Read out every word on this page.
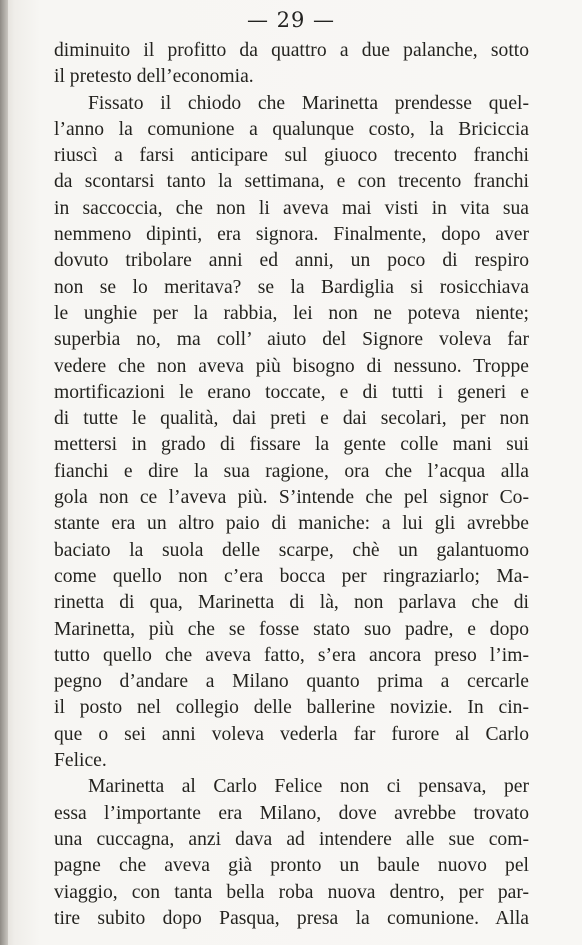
— 29 —
diminuito il profitto da quattro a due palanche, sotto
il pretesto dell’economia.
Fissato il chiodo che Marinetta prendesse quel-
l’anno la comunione a qualunque costo, la Briciccia
riuscì a farsi anticipare sul giuoco trecento franchi
da scontarsi tanto la settimana, e con trecento franchi
in saccoccia, che non li aveva mai visti in vita sua
nemmeno dipinti, era signora. Finalmente, dopo aver
dovuto tribolare anni ed anni, un poco di respiro
non se lo meritava? se la Bardiglia si rosicchiava
le unghie per la rabbia, lei non ne poteva niente;
superbia no, ma coll’ aiuto del Signore voleva far
vedere che non aveva più bisogno di nessuno. Troppe
mortificazioni le erano toccate, e di tutti i generi e
di tutte le qualità, dai preti e dai secolari, per non
mettersi in grado di fissare la gente colle mani sui
fianchi e dire la sua ragione, ora che l’acqua alla
gola non ce l’aveva più. S’intende che pel signor Co-
stante era un altro paio di maniche: a lui gli avrebbe
baciato la suola delle scarpe, chè un galantuomo
come quello non c’era bocca per ringraziarlo; Ma-
rinetta di qua, Marinetta di là, non parlava che di
Marinetta, più che se fosse stato suo padre, e dopo
tutto quello che aveva fatto, s’era ancora preso l’im-
pegno d’andare a Milano quanto prima a cercarle
il posto nel collegio delle ballerine novizie. In cin-
que o sei anni voleva vederla far furore al Carlo
Felice.
Marinetta al Carlo Felice non ci pensava, per
essa l’importante era Milano, dove avrebbe trovato
una cuccagna, anzi dava ad intendere alle sue com-
pagne che aveva già pronto un baule nuovo pel
viaggio, con tanta bella roba nuova dentro, per par-
tire subito dopo Pasqua, presa la comunione. Alla
